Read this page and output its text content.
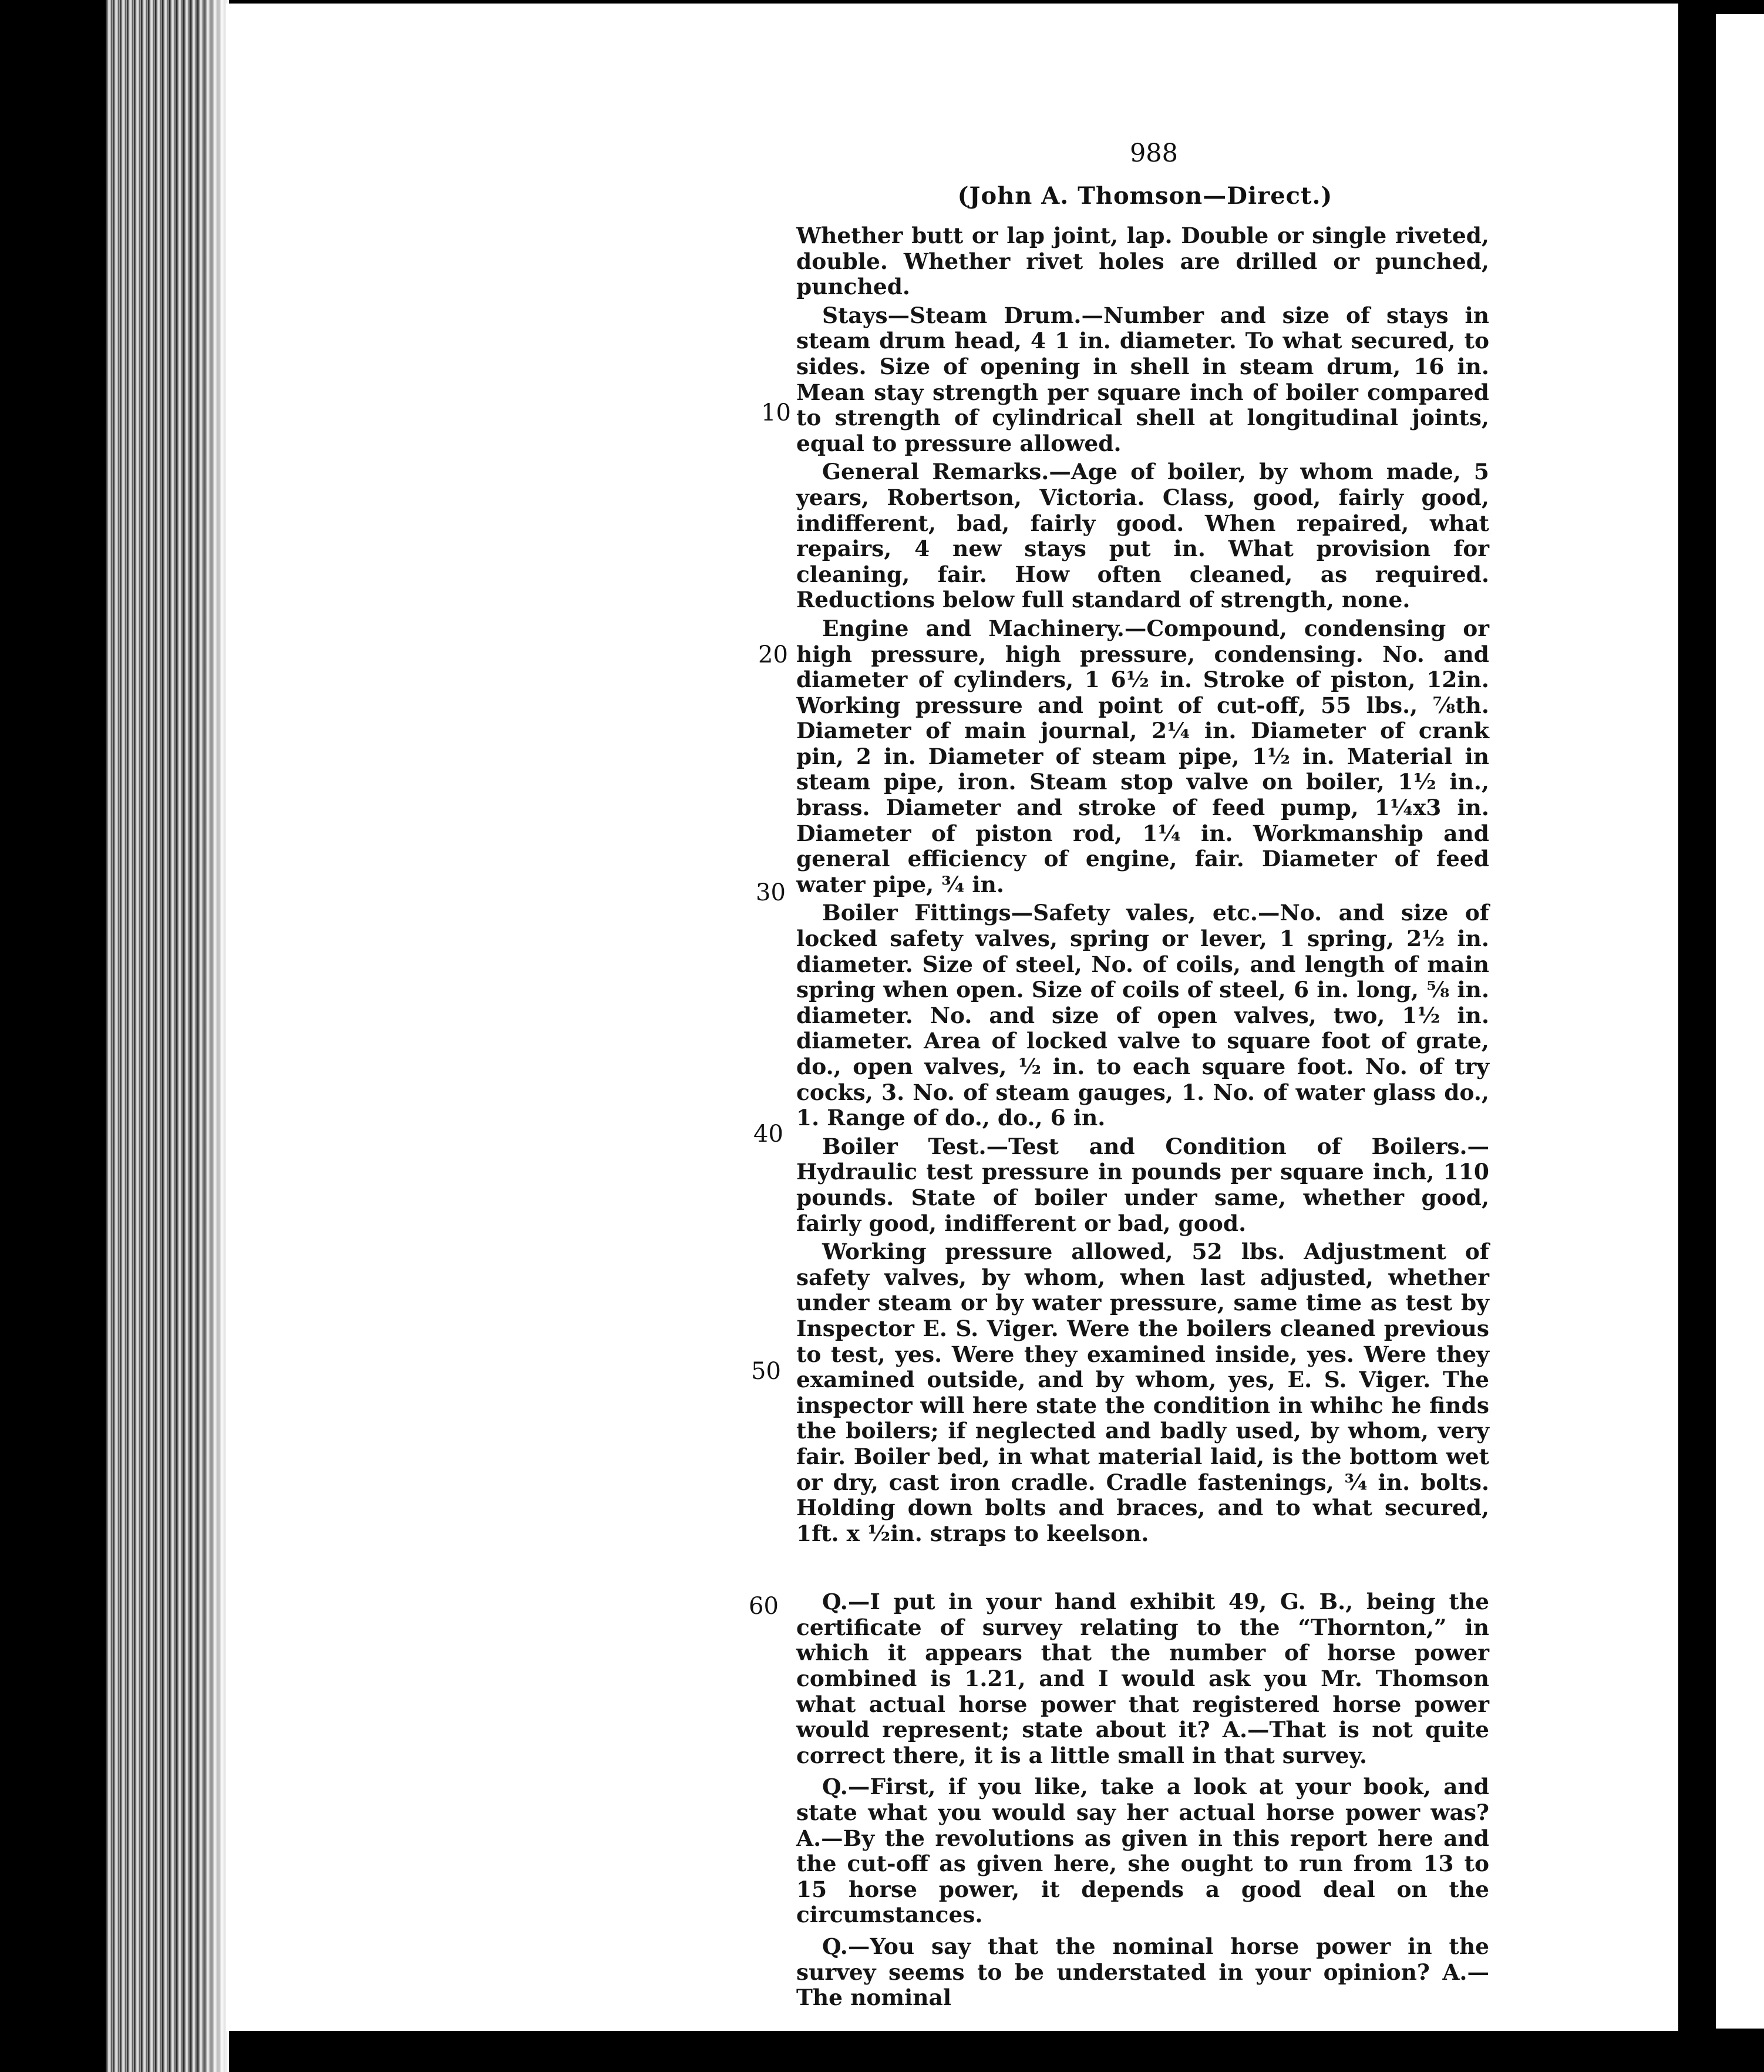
988
(John A. Thomson—Direct.)
10
20
30
40
50
60

Whether butt or lap joint, lap. Double or single riveted, double. Whether rivet holes are drilled or punched, punched.

Stays—Steam Drum.—Number and size of stays in steam drum head, 4 1 in. diameter. To what secured, to sides. Size of opening in shell in steam drum, 16 in. Mean stay strength per square inch of boiler compared to strength of cylindrical shell at longitudinal joints, equal to pressure allowed.

General Remarks.—Age of boiler, by whom made, 5 years, Robertson, Victoria. Class, good, fairly good, indifferent, bad, fairly good. When repaired, what repairs, 4 new stays put in. What provision for cleaning, fair. How often cleaned, as required. Reductions below full standard of strength, none.

Engine and Machinery.—Compound, condensing or high pressure, high pressure, condensing. No. and diameter of cylinders, 1 6½ in. Stroke of piston, 12in. Working pressure and point of cut-off, 55 lbs., ⅞th. Diameter of main journal, 2¼ in. Diameter of crank pin, 2 in. Diameter of steam pipe, 1½ in. Material in steam pipe, iron. Steam stop valve on boiler, 1½ in., brass. Diameter and stroke of feed pump, 1¼x3 in. Diameter of piston rod, 1¼ in. Workmanship and general efficiency of engine, fair. Diameter of feed water pipe, ¾ in.

Boiler Fittings—Safety vales, etc.—No. and size of locked safety valves, spring or lever, 1 spring, 2½ in. diameter. Size of steel, No. of coils, and length of main spring when open. Size of coils of steel, 6 in. long, ⅝ in. diameter. No. and size of open valves, two, 1½ in. diameter. Area of locked valve to square foot of grate, do., open valves, ½ in. to each square foot. No. of try cocks, 3. No. of steam gauges, 1. No. of water glass do., 1. Range of do., do., 6 in.

Boiler Test.—Test and Condition of Boilers.—Hydraulic test pressure in pounds per square inch, 110 pounds. State of boiler under same, whether good, fairly good, indifferent or bad, good.

Working pressure allowed, 52 lbs. Adjustment of safety valves, by whom, when last adjusted, whether under steam or by water pressure, same time as test by Inspector E. S. Viger. Were the boilers cleaned previous to test, yes. Were they examined inside, yes. Were they examined outside, and by whom, yes, E. S. Viger. The inspector will here state the condition in whihc he finds the boilers; if neglected and badly used, by whom, very fair. Boiler bed, in what material laid, is the bottom wet or dry, cast iron cradle. Cradle fastenings, ¾ in. bolts. Holding down bolts and braces, and to what secured, 1ft. x ½in. straps to keelson.

Q.—I put in your hand exhibit 49, G. B., being the certificate of survey relating to the “Thornton,” in which it appears that the number of horse power combined is 1.21, and I would ask you Mr. Thomson what actual horse power that registered horse power would represent; state about it? A.—That is not quite correct there, it is a little small in that survey.

Q.—First, if you like, take a look at your book, and state what you would say her actual horse power was? A.—By the revolutions as given in this report here and the cut-off as given here, she ought to run from 13 to 15 horse power, it depends a good deal on the circumstances.

Q.—You say that the nominal horse power in the survey seems to be understated in your opinion? A.—The nominal
